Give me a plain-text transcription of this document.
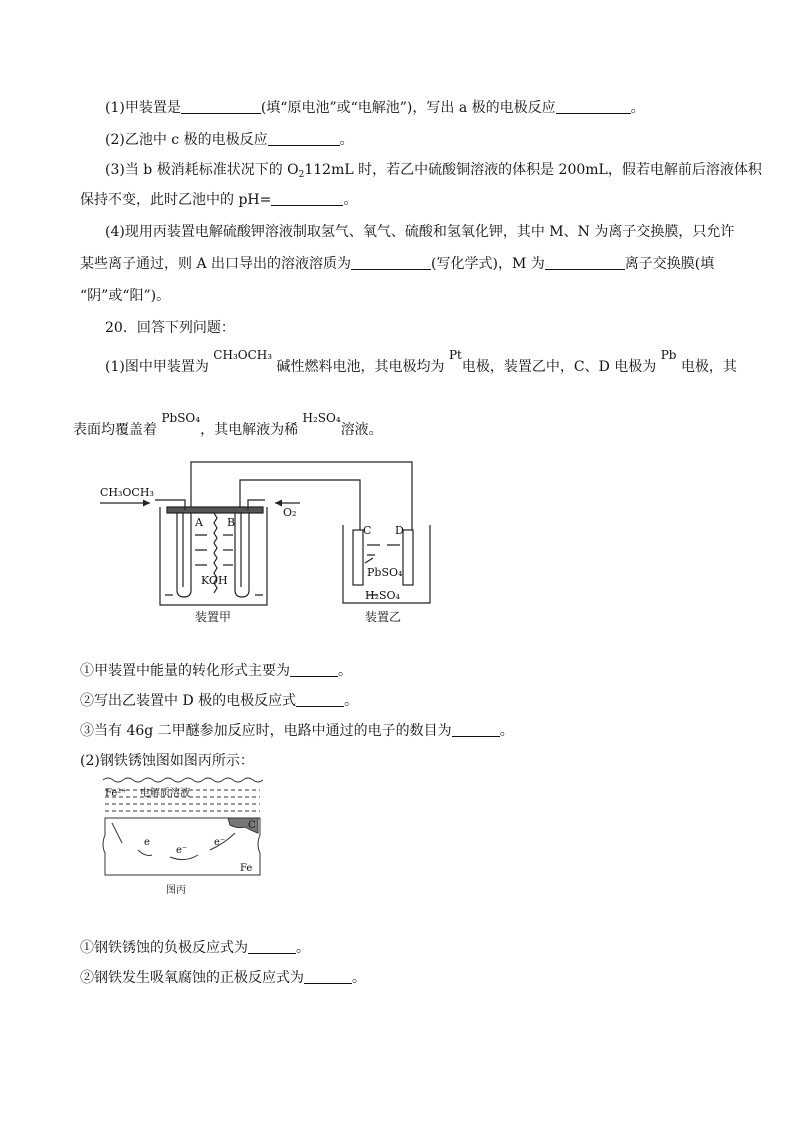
(1)甲装置是	(填“原电池”或“电解池”)，写出 a 极的电极反应	。
(2)乙池中 c 极的电极反应	。
(3)当 b 极消耗标准状况下的 $O_2112mL$ 时，若乙中硫酸铜溶液的体积是 200mL，假若电解前后溶液体积
保持不变，此时乙池中的 pH=	。
(4)现用丙装置电解硫酸钾溶液制取氢气、氧气、硫酸和氢氧化钾，其中 M、N 为离子交换膜，只允许
某些离子通过，则 A 出口导出的溶液溶质为	(写化学式)，M 为	离子交换膜(填
“阴”或“阳”)。
20．回答下列问题：
(1)图中甲装置为 CH₃OCH₃ 碱性燃料电池，其电极均为 Pt电极，装置乙中，C、D 电极为 Pb 电极，其
表面均覆盖着 PbSO₄，其电解液为稀 H₂SO₄溶液。
CH₃OCH₃
O₂
A B
KOH
装置甲
C D
PbSO₄
H₂SO₄
装置乙
①甲装置中能量的转化形式主要为	。
②写出乙装置中 D 极的电极反应式	。
③当有 46g 二甲醚参加反应时，电路中通过的电子的数目为	。
(2)钢铁锈蚀图如图丙所示：
Fe²⁺ 电解质溶液
C
e
e⁻
e⁻
Fe
图丙
①钢铁锈蚀的负极反应式为	。
②钢铁发生吸氧腐蚀的正极反应式为	。
